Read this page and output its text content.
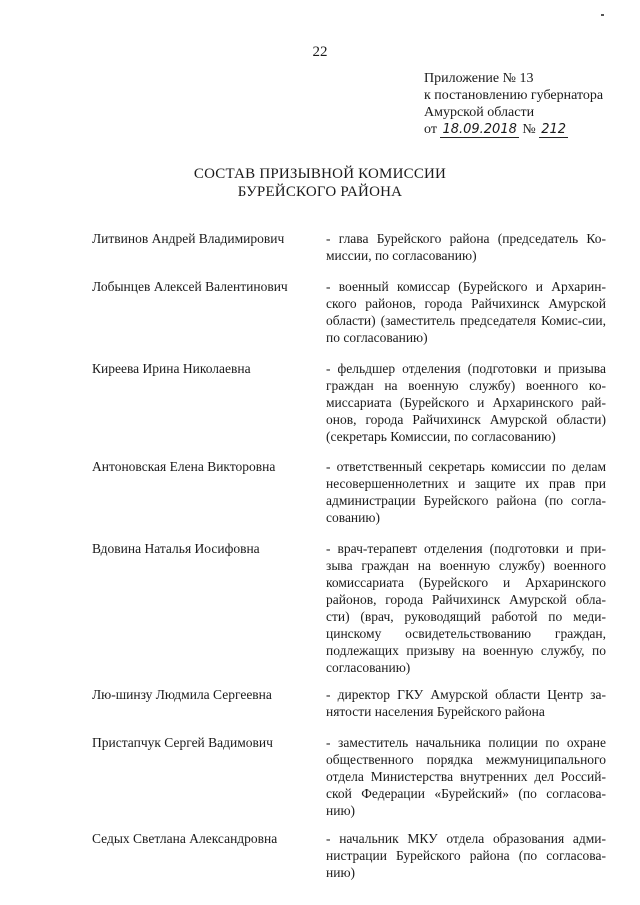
22
Приложение № 13
к постановлению губернатора
Амурской области
от 18.09.2018 № 212
СОСТАВ ПРИЗЫВНОЙ КОМИССИИ
БУРЕЙСКОГО РАЙОНА
Литвинов Андрей Владимирович	- глава Бурейского района (председатель Ко-миссии, по согласованию)
Лобынцев Алексей Валентинович	- военный комиссар (Бурейского и Архарин-ского районов, города Райчихинск Амурской области) (заместитель председателя Комис-сии, по согласованию)
Киреева Ирина Николаевна	- фельдшер отделения (подготовки и призыва граждан на военную службу) военного ко-миссариата (Бурейского и Архаринского рай-онов, города Райчихинск Амурской области) (секретарь Комиссии, по согласованию)
Антоновская Елена Викторовна	- ответственный секретарь комиссии по делам несовершеннолетних и защите их прав при администрации Бурейского района (по согла-сованию)
Вдовина Наталья Иосифовна	- врач-терапевт отделения (подготовки и при-зыва граждан на военную службу) военного комиссариата (Бурейского и Архаринского районов, города Райчихинск Амурской обла-сти) (врач, руководящий работой по меди-цинскому освидетельствованию граждан, подлежащих призыву на военную службу, по согласованию)
Лю-шинзу Людмила Сергеевна	- директор ГКУ Амурской области Центр за-нятости населения Бурейского района
Пристапчук Сергей Вадимович	- заместитель начальника полиции по охране общественного порядка межмуниципального отдела Министерства внутренних дел Россий-ской Федерации «Бурейский» (по согласова-нию)
Седых Светлана Александровна	- начальник МКУ отдела образования адми-нистрации Бурейского района (по согласова-нию)
